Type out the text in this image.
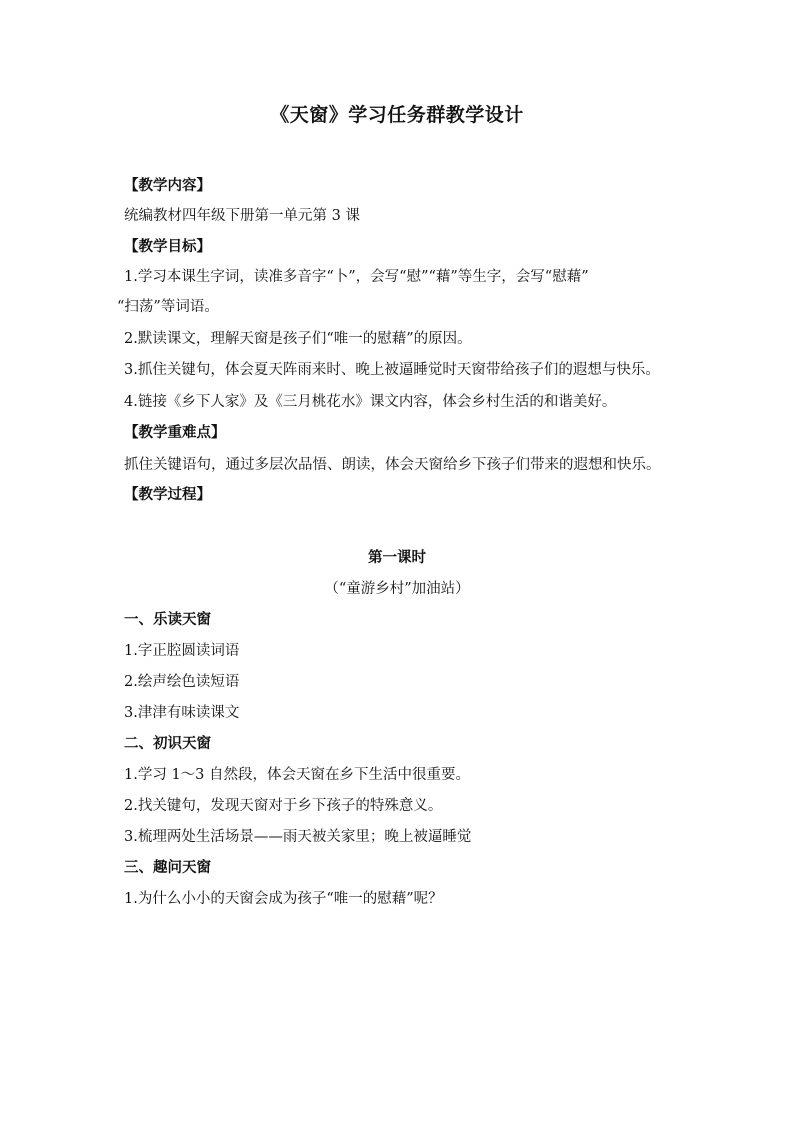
《天窗》学习任务群教学设计
【教学内容】
统编教材四年级下册第一单元第 3 课
【教学目标】
1.学习本课生字词，读准多音字“卜”，会写“慰”“藉”等生字，会写“慰藉”
“扫荡”等词语。
2.默读课文，理解天窗是孩子们“唯一的慰藉”的原因。
3.抓住关键句，体会夏天阵雨来时、晚上被逼睡觉时天窗带给孩子们的遐想与快乐。
4.链接《乡下人家》及《三月桃花水》课文内容，体会乡村生活的和谐美好。
【教学重难点】
抓住关键语句，通过多层次品悟、朗读，体会天窗给乡下孩子们带来的遐想和快乐。
【教学过程】
第一课时
（“童游乡村”加油站）
一、乐读天窗
1.字正腔圆读词语
2.绘声绘色读短语
3.津津有味读课文
二、初识天窗
1.学习 1～3 自然段，体会天窗在乡下生活中很重要。
2.找关键句，发现天窗对于乡下孩子的特殊意义。
3.梳理两处生活场景——雨天被关家里；晚上被逼睡觉
三、趣问天窗
1.为什么小小的天窗会成为孩子“唯一的慰藉”呢？
